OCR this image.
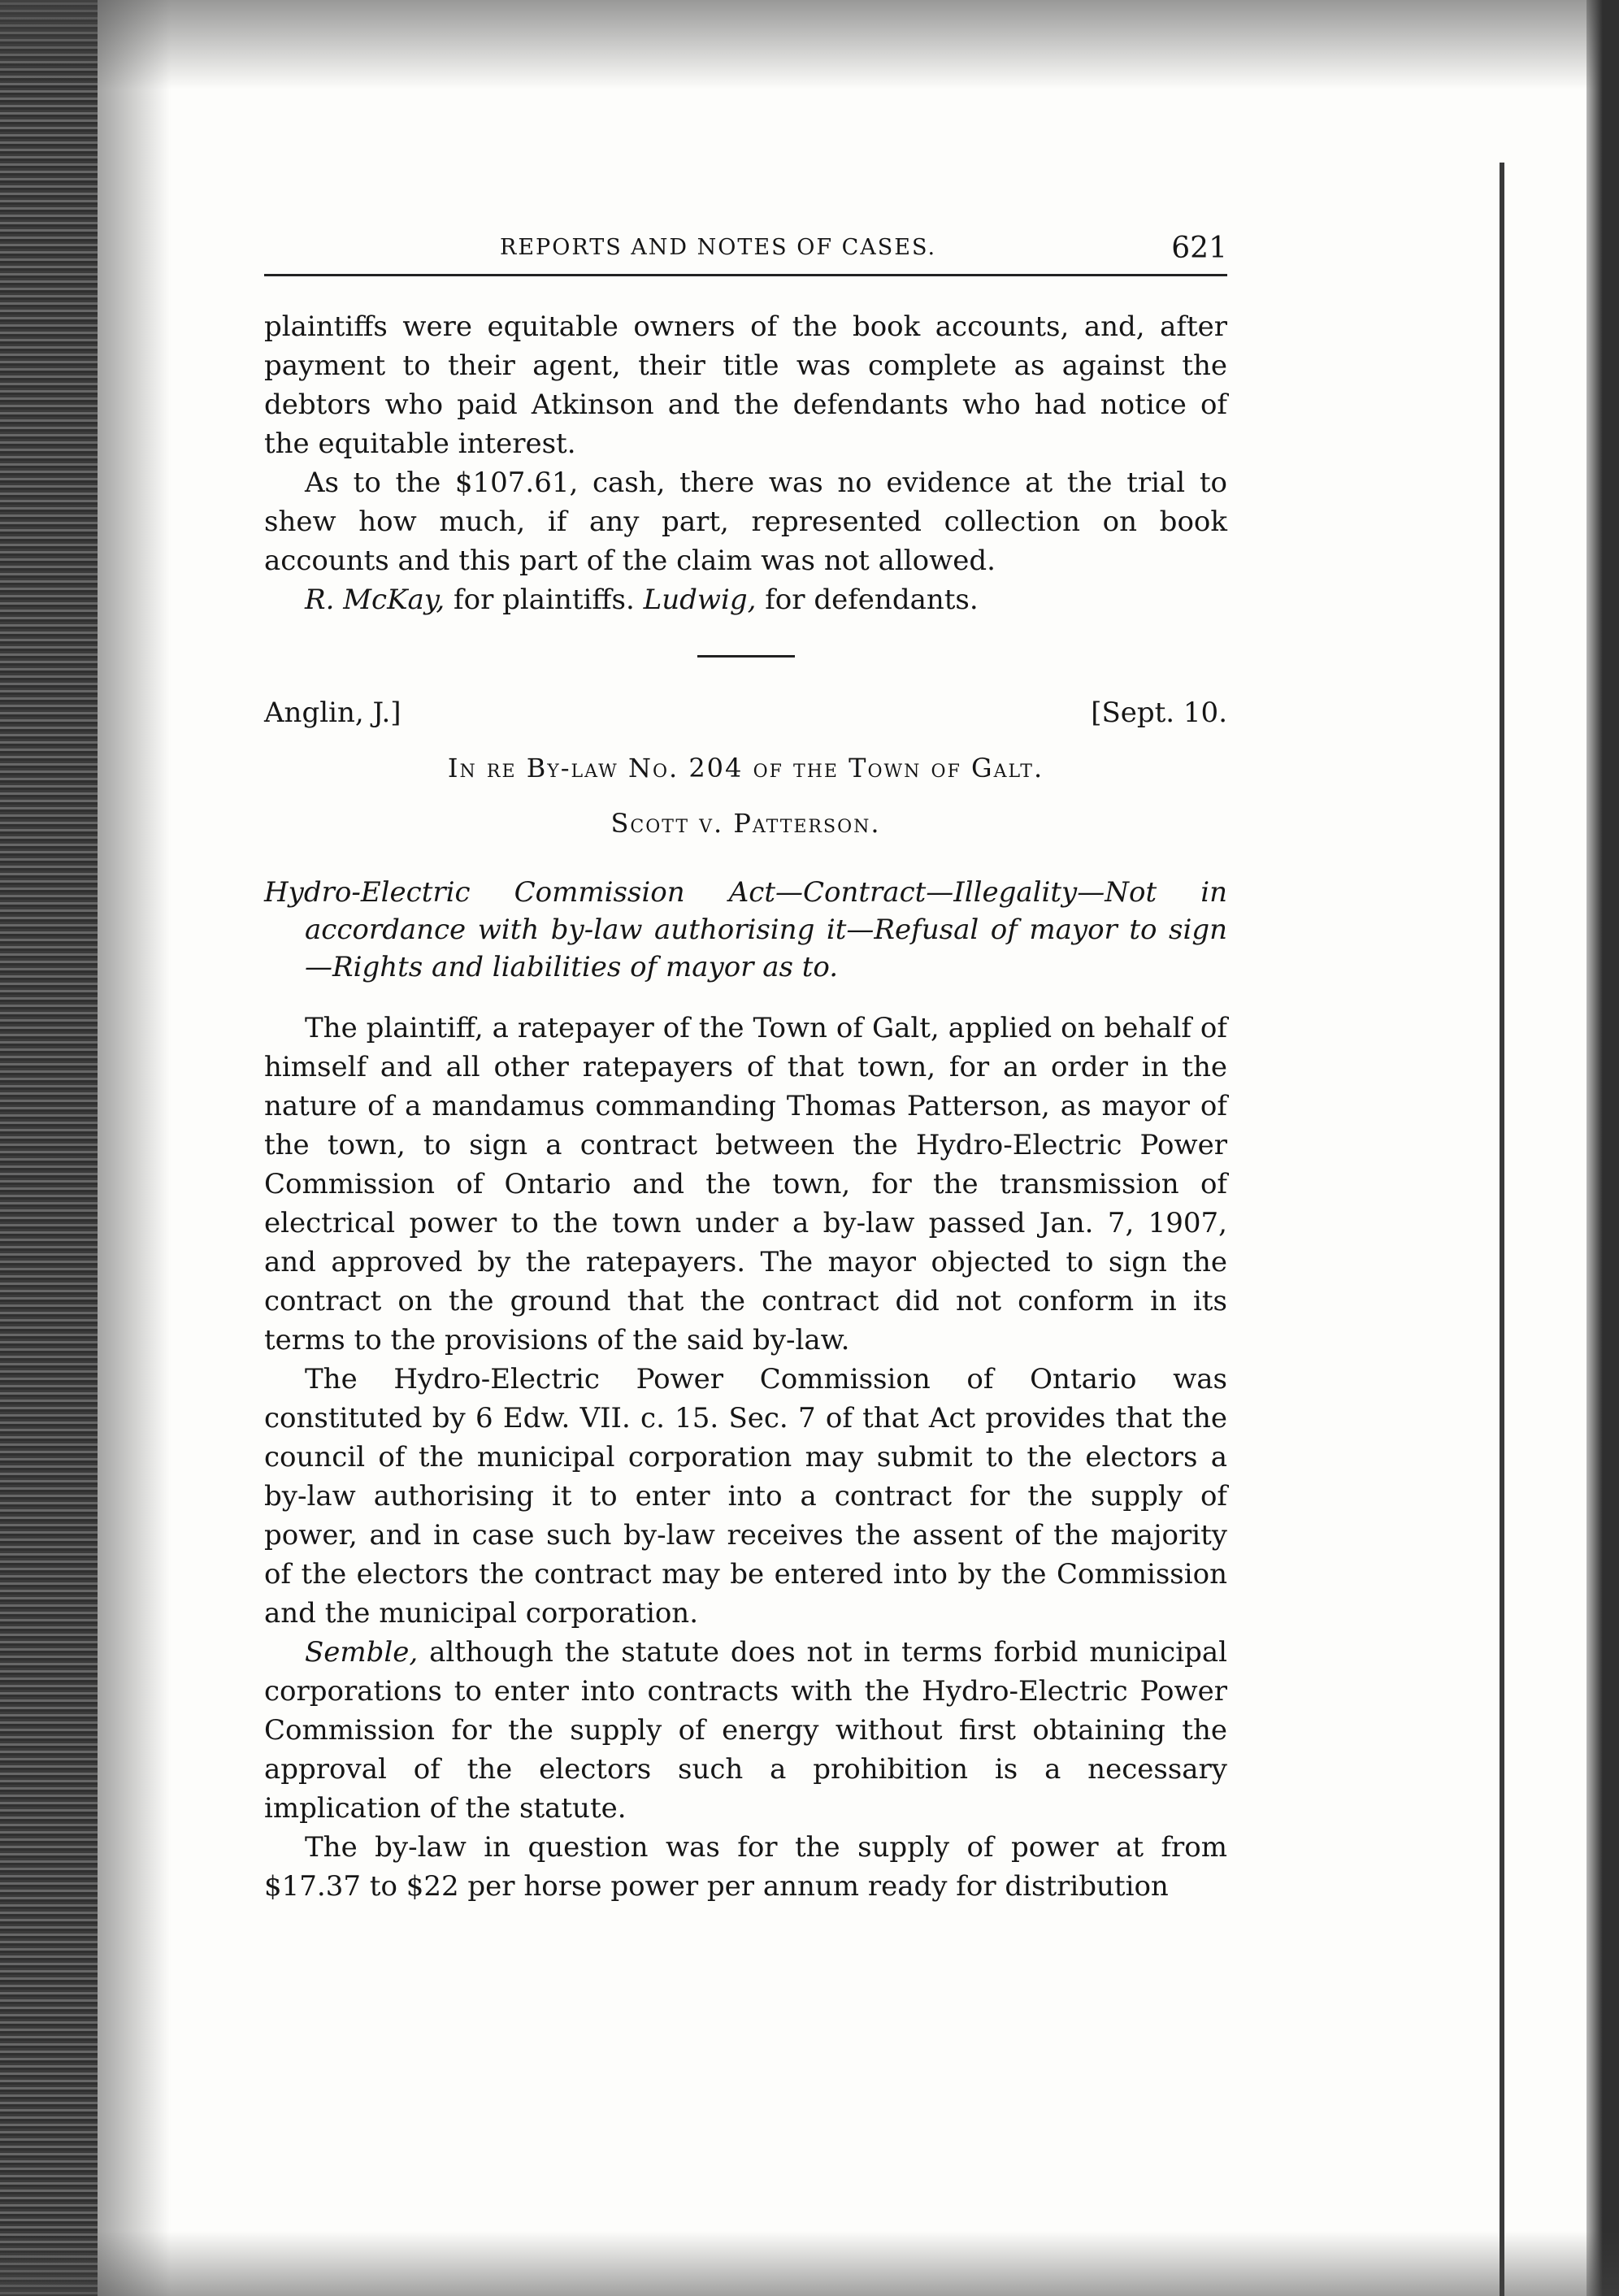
REPORTS AND NOTES OF CASES.	621

plaintiffs were equitable owners of the book accounts, and, after payment to their agent, their title was complete as against the debtors who paid Atkinson and the defendants who had notice of the equitable interest.

As to the $107.61, cash, there was no evidence at the trial to shew how much, if any part, represented collection on book accounts and this part of the claim was not allowed.

R. McKay, for plaintiffs. Ludwig, for defendants.

Anglin, J.]	[Sept. 10.
In re By-law No. 204 of the Town of Galt.
Scott v. Patterson.

Hydro-Electric Commission Act—Contract—Illegality—Not in accordance with by-law authorising it—Refusal of mayor to sign—Rights and liabilities of mayor as to.

The plaintiff, a ratepayer of the Town of Galt, applied on behalf of himself and all other ratepayers of that town, for an order in the nature of a mandamus commanding Thomas Patterson, as mayor of the town, to sign a contract between the Hydro-Electric Power Commission of Ontario and the town, for the transmission of electrical power to the town under a by-law passed Jan. 7, 1907, and approved by the ratepayers. The mayor objected to sign the contract on the ground that the contract did not conform in its terms to the provisions of the said by-law.

The Hydro-Electric Power Commission of Ontario was constituted by 6 Edw. VII. c. 15. Sec. 7 of that Act provides that the council of the municipal corporation may submit to the electors a by-law authorising it to enter into a contract for the supply of power, and in case such by-law receives the assent of the majority of the electors the contract may be entered into by the Commission and the municipal corporation.

Semble, although the statute does not in terms forbid municipal corporations to enter into contracts with the Hydro-Electric Power Commission for the supply of energy without first obtaining the approval of the electors such a prohibition is a necessary implication of the statute.

The by-law in question was for the supply of power at from $17.37 to $22 per horse power per annum ready for distribution
